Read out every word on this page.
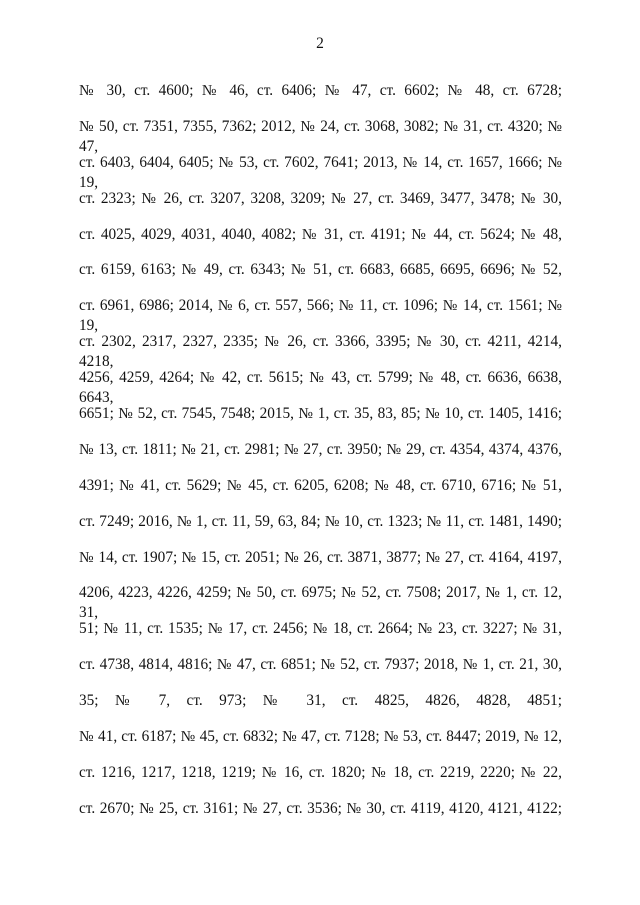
2
№ 30, ст. 4600; № 46, ст. 6406; № 47, ст. 6602; № 48, ст. 6728;
№ 50, ст. 7351, 7355, 7362; 2012, № 24, ст. 3068, 3082; № 31, ст. 4320; № 47,
ст. 6403, 6404, 6405; № 53, ст. 7602, 7641; 2013, № 14, ст. 1657, 1666; № 19,
ст. 2323; № 26, ст. 3207, 3208, 3209; № 27, ст. 3469, 3477, 3478; № 30,
ст. 4025, 4029, 4031, 4040, 4082; № 31, ст. 4191; № 44, ст. 5624; № 48,
ст. 6159, 6163; № 49, ст. 6343; № 51, ст. 6683, 6685, 6695, 6696; № 52,
ст. 6961, 6986; 2014, № 6, ст. 557, 566; № 11, ст. 1096; № 14, ст. 1561; № 19,
ст. 2302, 2317, 2327, 2335; № 26, ст. 3366, 3395; № 30, ст. 4211, 4214, 4218,
4256, 4259, 4264; № 42, ст. 5615; № 43, ст. 5799; № 48, ст. 6636, 6638, 6643,
6651; № 52, ст. 7545, 7548; 2015, № 1, ст. 35, 83, 85; № 10, ст. 1405, 1416;
№ 13, ст. 1811; № 21, ст. 2981; № 27, ст. 3950; № 29, ст. 4354, 4374, 4376,
4391; № 41, ст. 5629; № 45, ст. 6205, 6208; № 48, ст. 6710, 6716; № 51,
ст. 7249; 2016, № 1, ст. 11, 59, 63, 84; № 10, ст. 1323; № 11, ст. 1481, 1490;
№ 14, ст. 1907; № 15, ст. 2051; № 26, ст. 3871, 3877; № 27, ст. 4164, 4197,
4206, 4223, 4226, 4259; № 50, ст. 6975; № 52, ст. 7508; 2017, № 1, ст. 12, 31,
51; № 11, ст. 1535; № 17, ст. 2456; № 18, ст. 2664; № 23, ст. 3227; № 31,
ст. 4738, 4814, 4816; № 47, ст. 6851; № 52, ст. 7937; 2018, № 1, ст. 21, 30,
35; № 7, ст. 973; № 31, ст. 4825, 4826, 4828, 4851;
№ 41, ст. 6187; № 45, ст. 6832; № 47, ст. 7128; № 53, ст. 8447; 2019, № 12,
ст. 1216, 1217, 1218, 1219; № 16, ст. 1820; № 18, ст. 2219, 2220; № 22,
ст. 2670; № 25, ст. 3161; № 27, ст. 3536; № 30, ст. 4119, 4120, 4121, 4122;
